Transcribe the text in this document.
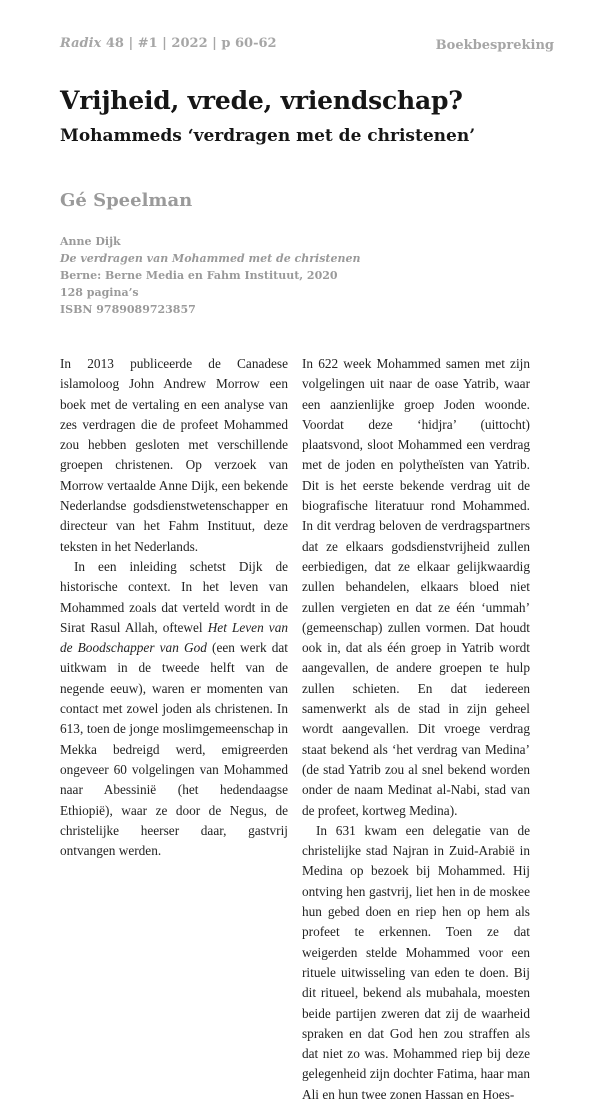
Radix 48 | #1 | 2022 | p 60-62	Boekbespreking
Vrijheid, vrede, vriendschap?
Mohammeds ‘verdragen met de christenen’
Gé Speelman
Anne Dijk
De verdragen van Mohammed met de christenen
Berne: Berne Media en Fahm Instituut, 2020
128 pagina’s
ISBN 9789089723857

In 2013 publiceerde de Canadese islamoloog John Andrew Morrow een boek met de vertaling en een analyse van zes verdragen die de profeet Mohammed zou hebben gesloten met verschillende groepen christenen. Op verzoek van Morrow vertaalde Anne Dijk, een bekende Nederlandse godsdienstwetenschapper en directeur van het Fahm Instituut, deze teksten in het Nederlands.

In een inleiding schetst Dijk de historische context. In het leven van Mohammed zoals dat verteld wordt in de Sirat Rasul Allah, oftewel Het Leven van de Boodschapper van God (een werk dat uitkwam in de tweede helft van de negende eeuw), waren er momenten van contact met zowel joden als christenen. In 613, toen de jonge moslimgemeenschap in Mekka bedreigd werd, emigreerden ongeveer 60 volgelingen van Mohammed naar Abessinië (het hedendaagse Ethiopië), waar ze door de Negus, de christelijke heerser daar, gastvrij ontvangen werden.

In 622 week Mohammed samen met zijn volgelingen uit naar de oase Yatrib, waar een aanzienlijke groep Joden woonde. Voordat deze ‘hidjra’ (uittocht) plaatsvond, sloot Mohammed een verdrag met de joden en polytheïsten van Yatrib. Dit is het eerste bekende verdrag uit de biografische literatuur rond Mohammed. In dit verdrag beloven de verdragspartners dat ze elkaars godsdienstvrijheid zullen eerbiedigen, dat ze elkaar gelijkwaardig zullen behandelen, elkaars bloed niet zullen vergieten en dat ze één ‘ummah’ (gemeenschap) zullen vormen. Dat houdt ook in, dat als één groep in Yatrib wordt aangevallen, de andere groepen te hulp zullen schieten. En dat iedereen samenwerkt als de stad in zijn geheel wordt aangevallen. Dit vroege verdrag staat bekend als ‘het verdrag van Medina’ (de stad Yatrib zou al snel bekend worden onder de naam Medinat al-Nabi, stad van de profeet, kortweg Medina).

In 631 kwam een delegatie van de christelijke stad Najran in Zuid-Arabië in Medina op bezoek bij Mohammed. Hij ontving hen gastvrij, liet hen in de moskee hun gebed doen en riep hen op hem als profeet te erkennen. Toen ze dat weigerden stelde Mohammed voor een rituele uitwisseling van eden te doen. Bij dit ritueel, bekend als mubahala, moesten beide partijen zweren dat zij de waarheid spraken en dat God hen zou straffen als dat niet zo was. Mohammed riep bij deze gelegenheid zijn dochter Fatima, haar man Ali en hun twee zonen Hassan en Hoes-
